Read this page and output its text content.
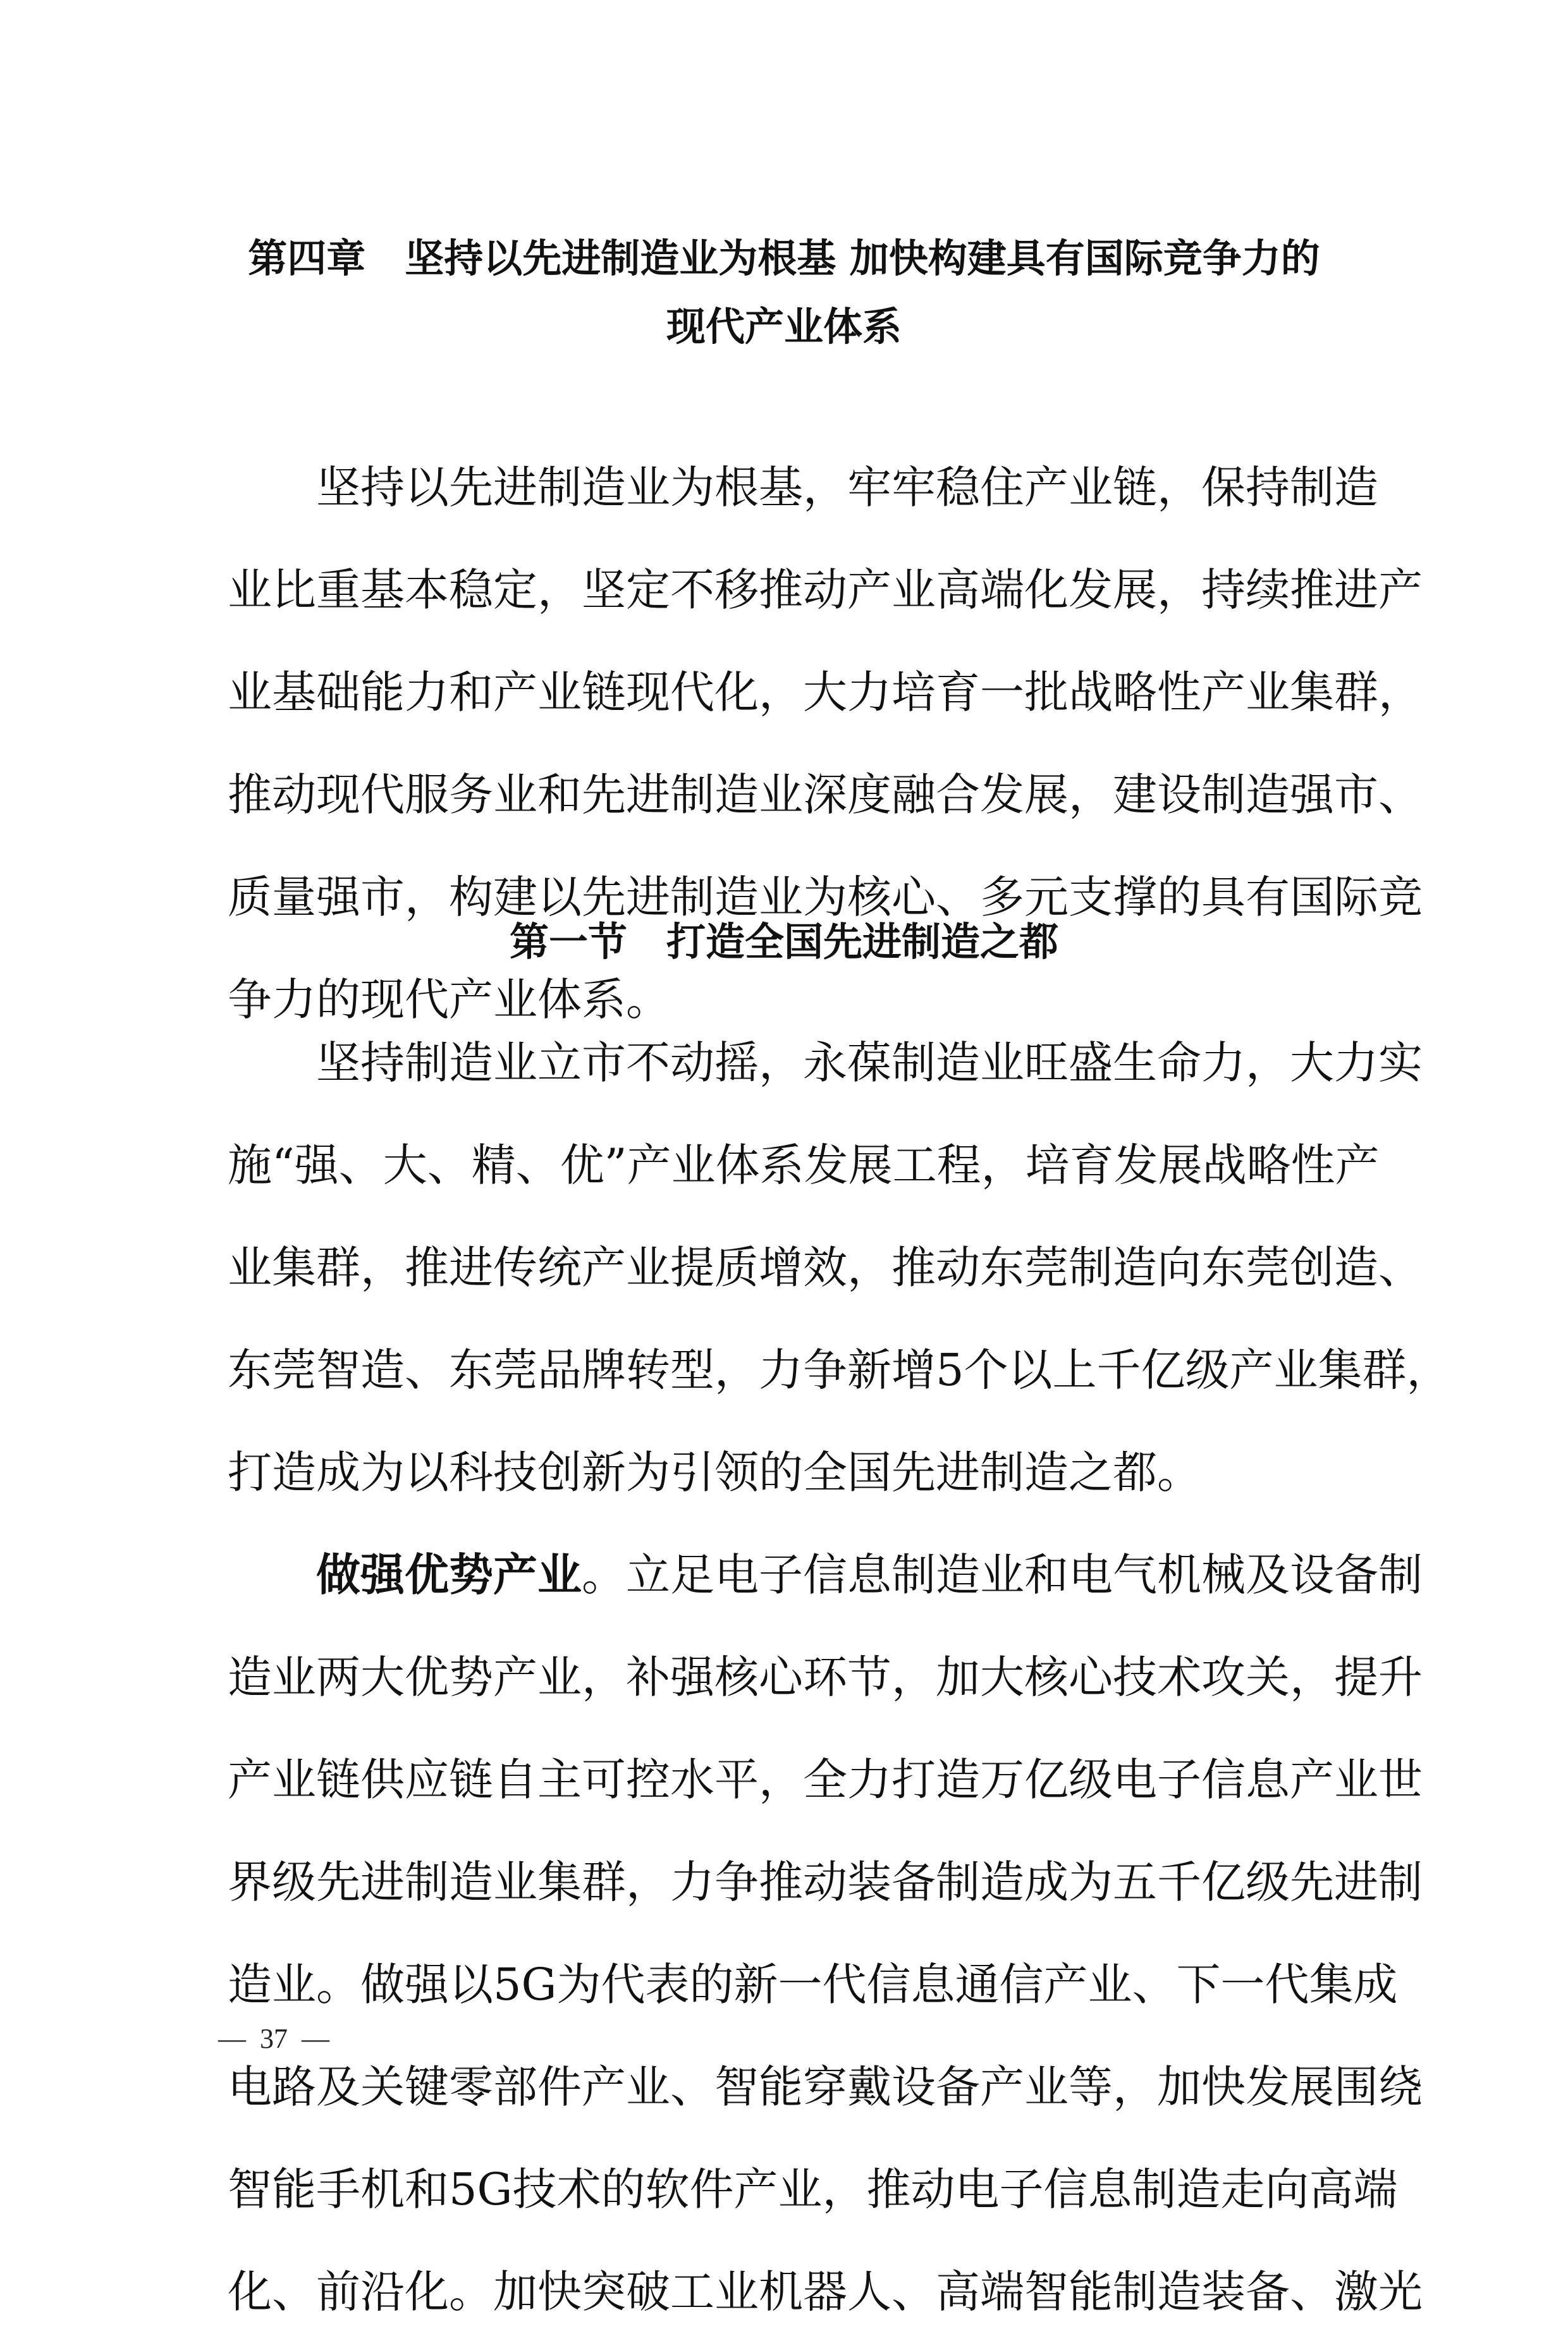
第四章　坚持以先进制造业为根基 加快构建具有国际竞争力的
现代产业体系

坚持以先进制造业为根基，牢牢稳住产业链，保持制造
业比重基本稳定，坚定不移推动产业高端化发展，持续推进产
业基础能力和产业链现代化，大力培育一批战略性产业集群，
推动现代服务业和先进制造业深度融合发展，建设制造强市、
质量强市，构建以先进制造业为核心、多元支撑的具有国际竞
争力的现代产业体系。

第一节　打造全国先进制造之都

坚持制造业立市不动摇，永葆制造业旺盛生命力，大力实
施“强、大、精、优”产业体系发展工程，培育发展战略性产
业集群，推进传统产业提质增效，推动东莞制造向东莞创造、
东莞智造、东莞品牌转型，力争新增5个以上千亿级产业集群，
打造成为以科技创新为引领的全国先进制造之都。

做强优势产业。立足电子信息制造业和电气机械及设备制
造业两大优势产业，补强核心环节，加大核心技术攻关，提升
产业链供应链自主可控水平，全力打造万亿级电子信息产业世
界级先进制造业集群，力争推动装备制造成为五千亿级先进制
造业。做强以5G为代表的新一代信息通信产业、下一代集成
电路及关键零部件产业、智能穿戴设备产业等，加快发展围绕
智能手机和5G技术的软件产业，推动电子信息制造走向高端
化、前沿化。加快突破工业机器人、高端智能制造装备、激光

—  37  —
